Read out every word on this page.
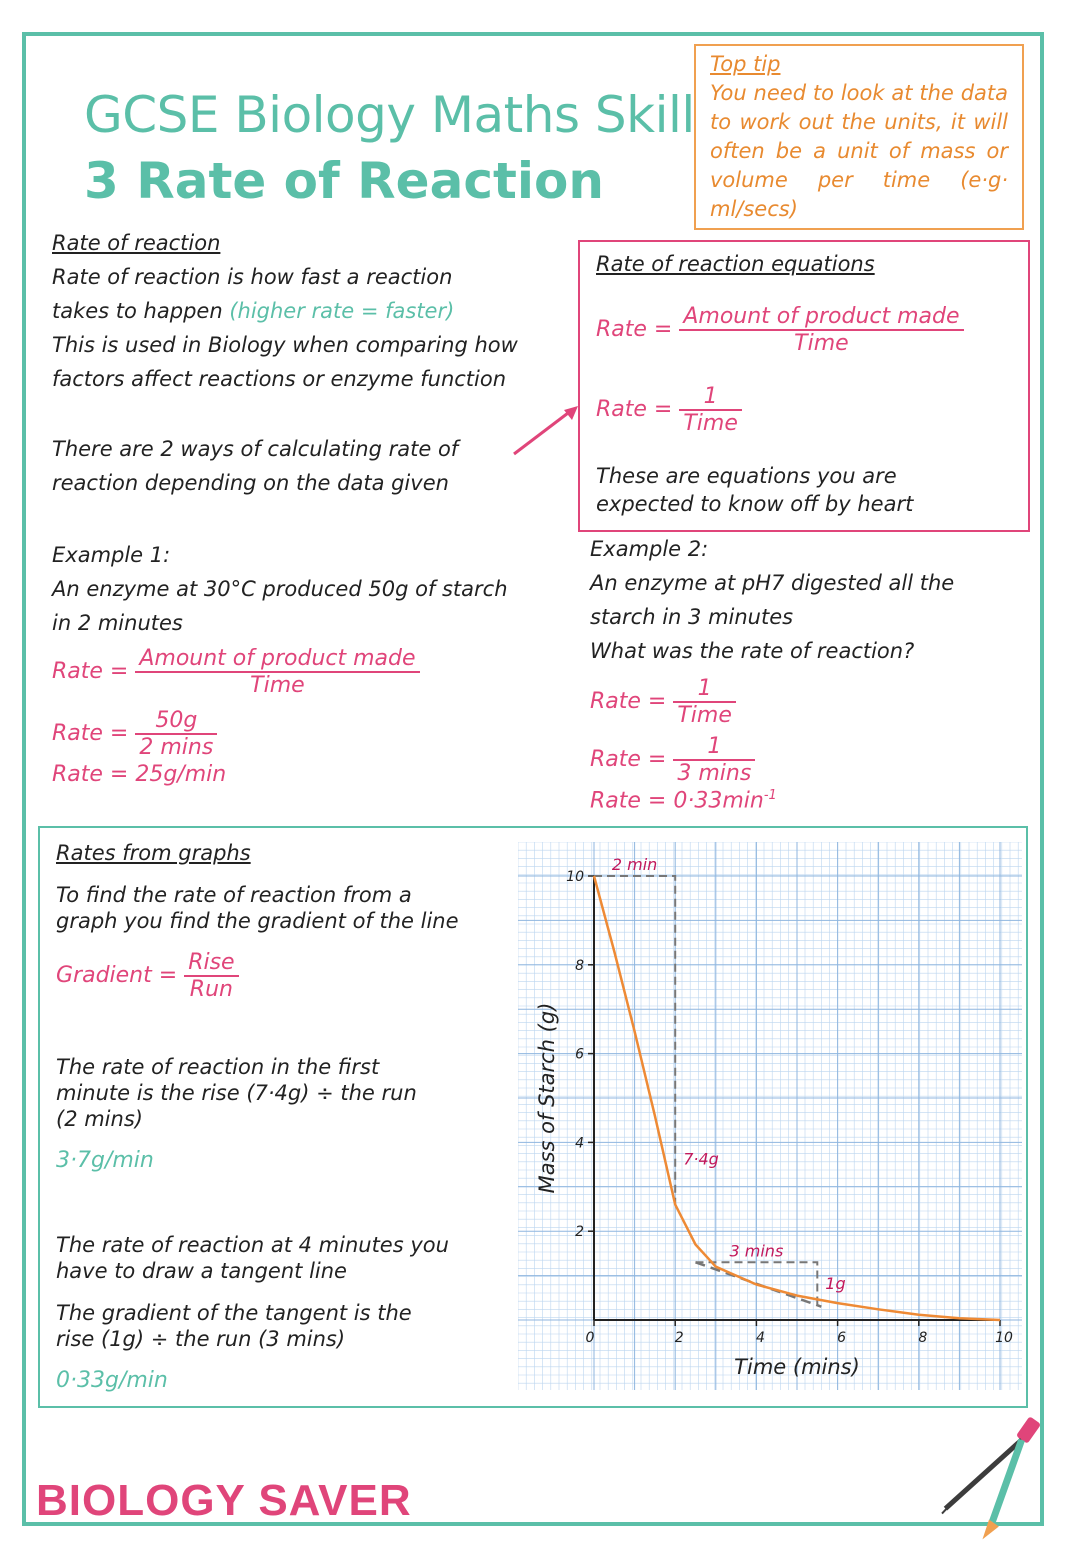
GCSE Biology Maths Skill
3 Rate of Reaction
Top tip
You need to look at the data to work out the units, it will often be a unit of mass or volume per time (e·g· ml/secs)
Rate of reaction
Rate of reaction is how fast a reaction
takes to happen (higher rate = faster)
This is used in Biology when comparing how
factors affect reactions or enzyme function
There are 2 ways of calculating rate of
reaction depending on the data given
Rate of reaction equations
Rate = $\frac{\text{Amount of product made}}{\text{Time}}$
Rate = $\frac{1}{\text{Time}}$
These are equations you are
expected to know off by heart
Example 1:
An enzyme at 30°C produced 50g of starch
in 2 minutes
Rate = $\frac{\text{Amount of product made}}{\text{Time}}$
Rate = $\frac{50g}{2 \min s}$
Rate = 25g/min
Example 2:
An enzyme at pH7 digested all the
starch in 3 minutes
What was the rate of reaction?
Rate = $\frac{1}{\text{Time}}$
Rate = $\frac{1}{3 \min s}$
Rate = $0\cdot 33\min^{-1}$
Rates from graphs
To find the rate of reaction from a
graph you find the gradient of the line
Gradient = $\frac{\text{Rise}}{\text{Run}}$
The rate of reaction in the first
minute is the rise (7·4g) ÷ the run
(2 mins)
3·7g/min
The rate of reaction at 4 minutes you
have to draw a tangent line
The gradient of the tangent is the
rise (1g) ÷ the run (3 mins)
0·33g/min
2
4
6
8
10
0	2	4	6	8	10
Time (mins)
Mass of Starch (g)
2 min
7·4g
3 mins
1g
BIOLOGY SAVER
